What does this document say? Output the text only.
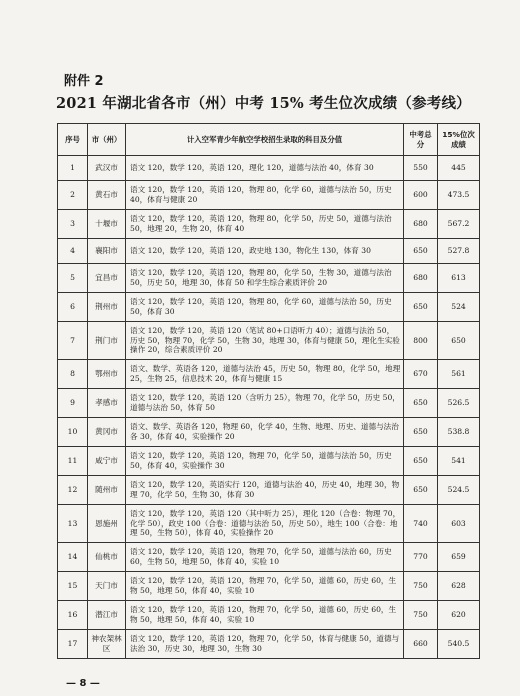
附件 2
2021 年湖北省各市（州）中考 15% 考生位次成绩（参考线）
序号	市（州）	计入空军青少年航空学校招生录取的科目及分值	中考总分	15%位次成绩
1	武汉市	语文 120，数学 120，英语 120，理化 120，道德与法治 40，体育 30	550	445
2	黄石市	语文 120，数学 120，英语 120，物理 80，化学 60，道德与法治 50，历史 40，体育与健康 20	600	473.5
3	十堰市	语文 120，数学 120，英语 120，物理 80，化学 50，历史 50，道德与法治 50，地理 20，生物 20，体育 40	680	567.2
4	襄阳市	语文 120，数学 120，英语 120，政史地 130，物化生 130，体育 30	650	527.8
5	宜昌市	语文 120，数学 120，英语 120，物理 80，化学 50，生物 30，道德与法治 50，历史 50，地理 30，体育 50 和学生综合素质评价 20	680	613
6	荆州市	语文 120，数学 120，英语 120，物理 80，化学 60，道德与法治 50，历史 50，体育 30	650	524
7	荆门市	语文 120，数学 120，英语 120（笔试 80+口语听力 40）；道德与法治 50，历史 50，物理 70，化学 50，生物 30，地理 30，体育与健康 50，理化生实验操作 20，综合素质评价 20	800	650
8	鄂州市	语文、数学、英语各 120，道德与法治 45，历史 50，物理 80，化学 50，地理 25，生物 25，信息技术 20，体育与健康 15	670	561
9	孝感市	语文 120，数学 120，英语 120（含听力 25），物理 70，化学 50，历史 50，道德与法治 50，体育 50	650	526.5
10	黄冈市	语文、数学、英语各 120，物理 60，化学 40，生物、地理、历史、道德与法治各 30，体育 40，实验操作 20	650	538.8
11	咸宁市	语文 120，数学 120，英语 120，物理 70，化学 50，道德与法治 50，历史 50，体育 40，实验操作 30	650	541
12	随州市	语文 120，数学 120，英语实行 120，道德与法治 40，历史 40，地理 30，物理 70，化学 50，生物 30，体育 30	650	524.5
13	恩施州	语文 120，数学 120，英语 120（其中听力 25），理化 120（合卷：物理 70，化学 50），政史 100（合卷：道德与法治 50，历史 50），地生 100（合卷：地理 50，生物 50），体育 40，实验操作 20	740	603
14	仙桃市	语文 120，数学 120，英语 120，物理 70，化学 50，道德与法治 60，历史 60，生物 50，地理 50，体育 40，实验 10	770	659
15	天门市	语文 120，数学 120，英语 120，物理 70，化学 50，道德 60，历史 60，生物 50，地理 50，体育 40，实验 10	750	628
16	潜江市	语文 120，数学 120，英语 120，物理 70，化学 50，道德 60，历史 60，生物 50，地理 50，体育 40，实验 10	750	620
17	神农架林区	语文 120，数学 120，英语 120，物理 70，化学 50，体育与健康 50，道德与法治 30，历史 30，地理 30，生物 30	660	540.5
— 8 —
